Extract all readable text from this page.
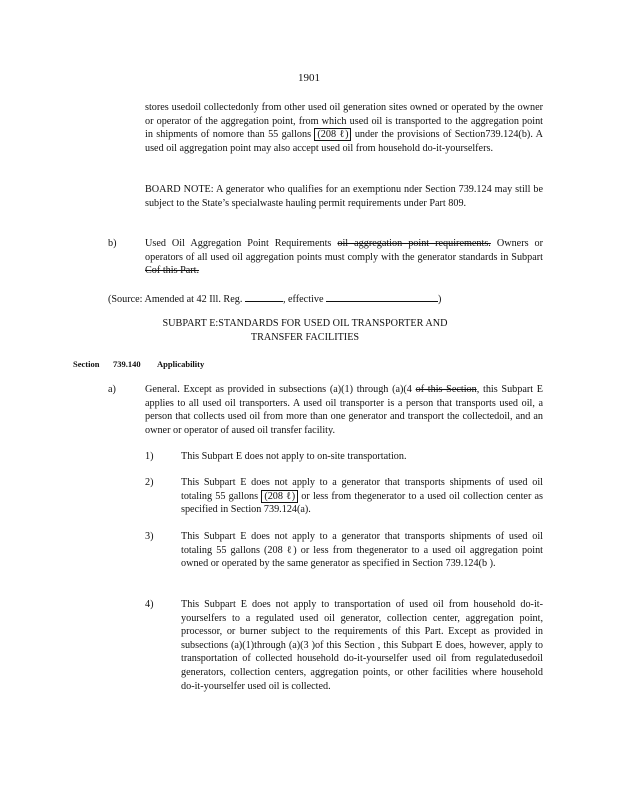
1901
stores usedoil collectedonly from other used oil generation sites owned or operated by the owner or operator of the aggregation point, from which used oil is transported to the aggregation point in shipments of nomore than 55 gallons (208 ℓ) under the provisions of Section739.124(b). A used oil aggregation point may also accept used oil from household do-it-yourselfers.
BOARD NOTE: A generator who qualifies for an exemptionu nder Section 739.124 may still be subject to the State’s specialwaste hauling permit requirements under Part 809.
b)	Used Oil Aggregation Point Requirements oil aggregation point requirements. Owners or operators of all used oil aggregation points must comply with the generator standards in Subpart Cof this Part.
(Source: Amended at 42 Ill. Reg.	, effective	)
SUBPART E:STANDARDS FOR USED OIL TRANSPORTER AND
TRANSFER FACILITIES
Section 739.140 Applicability
a)	General. Except as provided in subsections (a)(1) through (a)(4 of this Section, this Subpart E applies to all used oil transporters. A used oil transporter is a person that transports used oil, a person that collects used oil from more than one generator and transport the collectedoil, and an owner or operator of aused oil transfer facility.
1)	This Subpart E does not apply to on-site transportation.
2)	This Subpart E does not apply to a generator that transports shipments of used oil totaling 55 gallons (208 ℓ) or less from thegenerator to a used oil collection center as specified in Section 739.124(a).
3)	This Subpart E does not apply to a generator that transports shipments of used oil totaling 55 gallons (208 ℓ) or less from thegenerator to a used oil aggregation point owned or operated by the same generator as specified in Section 739.124(b ).
4)	This Subpart E does not apply to transportation of used oil from household do-it-yourselfers to a regulated used oil generator, collection center, aggregation point, processor, or burner subject to the requirements of this Part. Except as provided in subsections (a)(1)through (a)(3 )of this Section , this Subpart E does, however, apply to transportation of collected household do-it-yourselfer used oil from regulatedusedoil generators, collection centers, aggregation points, or other facilities where household do-it-yourselfer used oil is collected.
